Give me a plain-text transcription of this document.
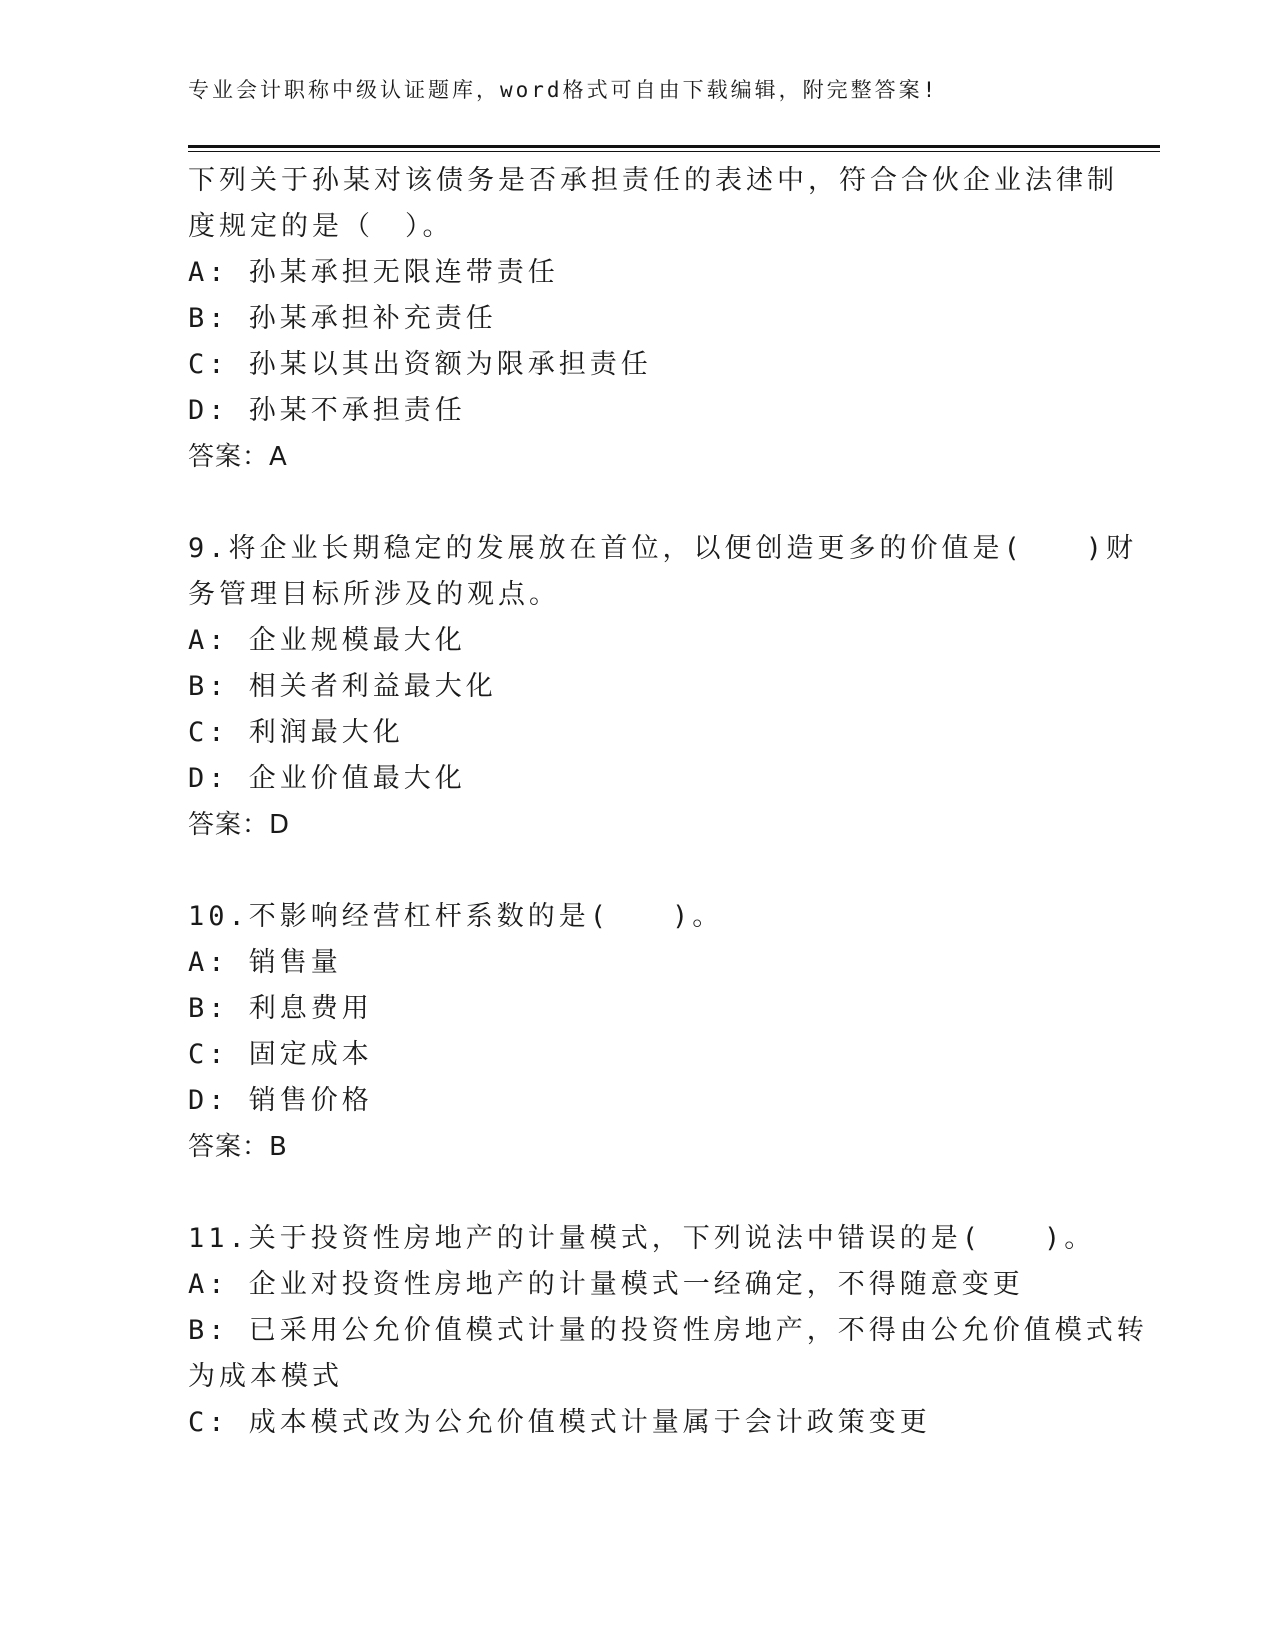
专业会计职称中级认证题库，word格式可自由下载编辑，附完整答案!
下列关于孙某对该债务是否承担责任的表述中，符合合伙企业法律制
度规定的是（　）。
A: 孙某承担无限连带责任
B: 孙某承担补充责任
C: 孙某以其出资额为限承担责任
D: 孙某不承担责任
答案：A
9.将企业长期稳定的发展放在首位，以便创造更多的价值是(　　)财
务管理目标所涉及的观点。
A: 企业规模最大化
B: 相关者利益最大化
C: 利润最大化
D: 企业价值最大化
答案：D
10.不影响经营杠杆系数的是(　　)。
A: 销售量
B: 利息费用
C: 固定成本
D: 销售价格
答案：B
11.关于投资性房地产的计量模式，下列说法中错误的是(　　)。
A: 企业对投资性房地产的计量模式一经确定，不得随意变更
B: 已采用公允价值模式计量的投资性房地产，不得由公允价值模式转
为成本模式
C: 成本模式改为公允价值模式计量属于会计政策变更
